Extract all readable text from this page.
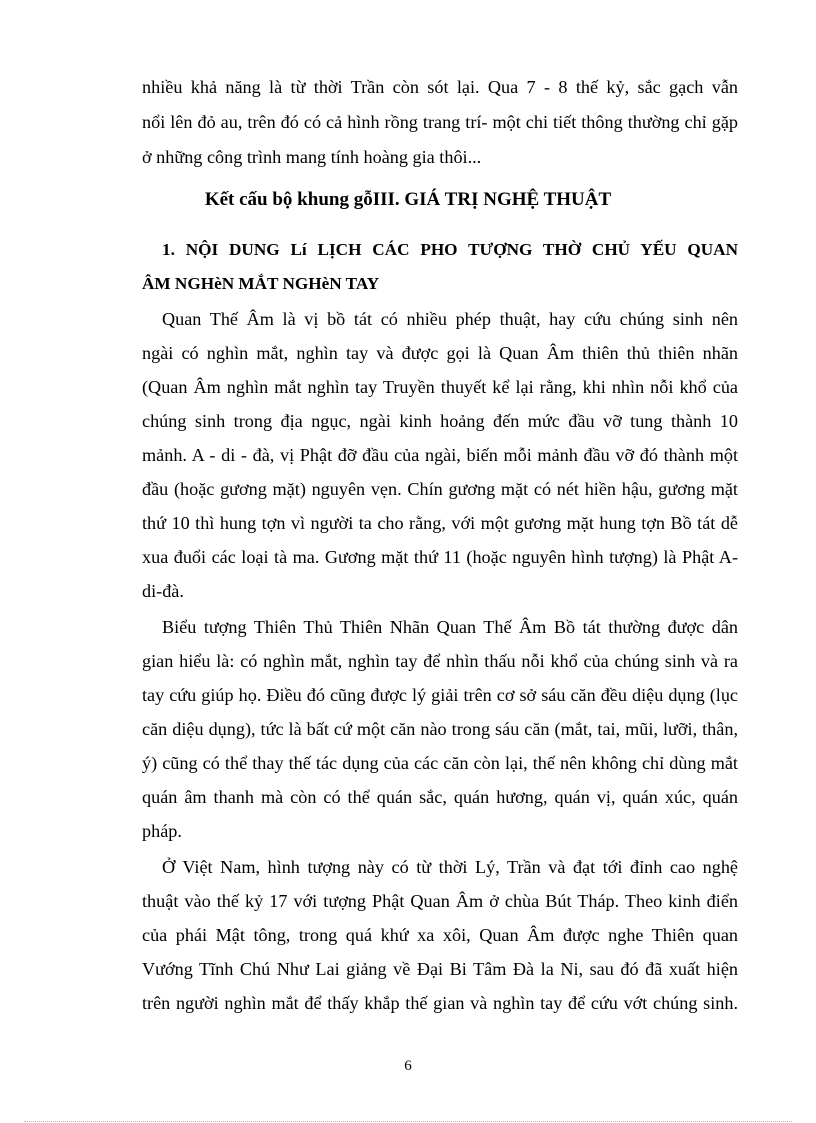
nhiều khả năng là từ thời Trần còn sót lại. Qua 7 - 8 thế kỷ, sắc gạch vẫn
nổi lên đỏ au, trên đó có cả hình rồng trang trí- một chi tiết thông thường chỉ gặp
ở những công trình mang tính hoàng gia thôi...
Kết cấu bộ khung gỗIII. GIÁ TRỊ NGHỆ THUẬT
1. NỘI DUNG Lí LỊCH CÁC PHO TƯỢNG THỜ CHỦ YẾU QUAN
ÂM NGHèN MẮT NGHèN TAY
Quan Thế Âm là vị bồ tát có nhiều phép thuật, hay cứu chúng sinh nên
ngài có nghìn mắt, nghìn tay và được gọi là Quan Âm thiên thủ thiên nhãn
(Quan Âm nghìn mắt nghìn tay Truyền thuyết kể lại rằng, khi nhìn nỗi khổ của
chúng sinh trong địa ngục, ngài kinh hoảng đến mức đầu vỡ tung thành 10
mảnh. A - di - đà, vị Phật đỡ đầu của ngài, biến mỗi mảnh đầu vỡ đó thành một
đầu (hoặc gương mặt) nguyên vẹn. Chín gương mặt có nét hiền hậu, gương mặt
thứ 10 thì hung tợn vì người ta cho rằng, với một gương mặt hung tợn Bồ tát dễ
xua đuổi các loại tà ma. Gương mặt thứ 11 (hoặc nguyên hình tượng) là Phật A-
di-đà.
Biểu tượng Thiên Thủ Thiên Nhãn Quan Thế Âm Bồ tát thường được dân
gian hiểu là: có nghìn mắt, nghìn tay để nhìn thấu nỗi khổ của chúng sinh và ra
tay cứu giúp họ. Điều đó cũng được lý giải trên cơ sở sáu căn đều diệu dụng (lục
căn diệu dụng), tức là bất cứ một căn nào trong sáu căn (mắt, tai, mũi, lưỡi, thân,
ý) cũng có thể thay thế tác dụng của các căn còn lại, thế nên không chỉ dùng mắt
quán âm thanh mà còn có thể quán sắc, quán hương, quán vị, quán xúc, quán
pháp.
Ở Việt Nam, hình tượng này có từ thời Lý, Trần và đạt tới đỉnh cao nghệ
thuật vào thế kỷ 17 với tượng Phật Quan Âm ở chùa Bút Tháp. Theo kinh điển
của phái Mật tông, trong quá khứ xa xôi, Quan Âm được nghe Thiên quan
Vướng Tĩnh Chú Như Lai giảng về Đại Bi Tâm Đà la Ni, sau đó đã xuất hiện
trên người nghìn mắt để thấy khắp thế gian và nghìn tay để cứu vớt chúng sinh.
6
